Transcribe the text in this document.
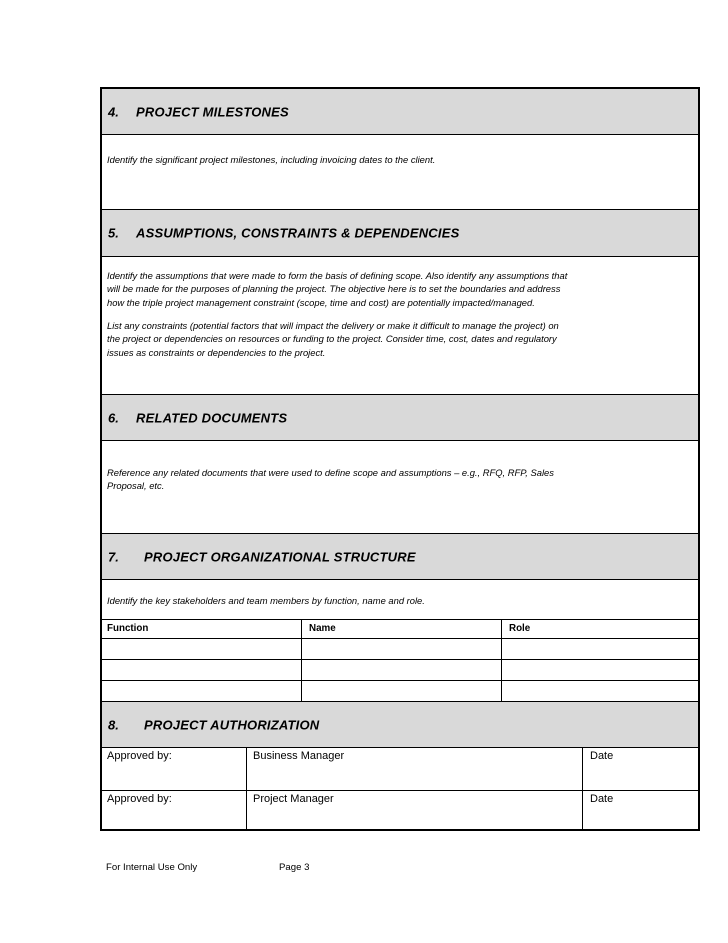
4. PROJECT MILESTONES
Identify the significant project milestones, including invoicing dates to the client.
5. ASSUMPTIONS, CONSTRAINTS & DEPENDENCIES
Identify the assumptions that were made to form the basis of defining scope. Also identify any assumptions that
will be made for the purposes of planning the project. The objective here is to set the boundaries and address
how the triple project management constraint (scope, time and cost) are potentially impacted/managed.
List any constraints (potential factors that will impact the delivery or make it difficult to manage the project) on
the project or dependencies on resources or funding to the project. Consider time, cost, dates and regulatory
issues as constraints or dependencies to the project.
6. RELATED DOCUMENTS
Reference any related documents that were used to define scope and assumptions – e.g., RFQ, RFP, Sales
Proposal, etc.
7. PROJECT ORGANIZATIONAL STRUCTURE
Identify the key stakeholders and team members by function, name and role.
Function	Name	Role
8. PROJECT AUTHORIZATION
Approved by:	Business Manager	Date
Approved by:	Project Manager	Date
For Internal Use Only	Page 3
